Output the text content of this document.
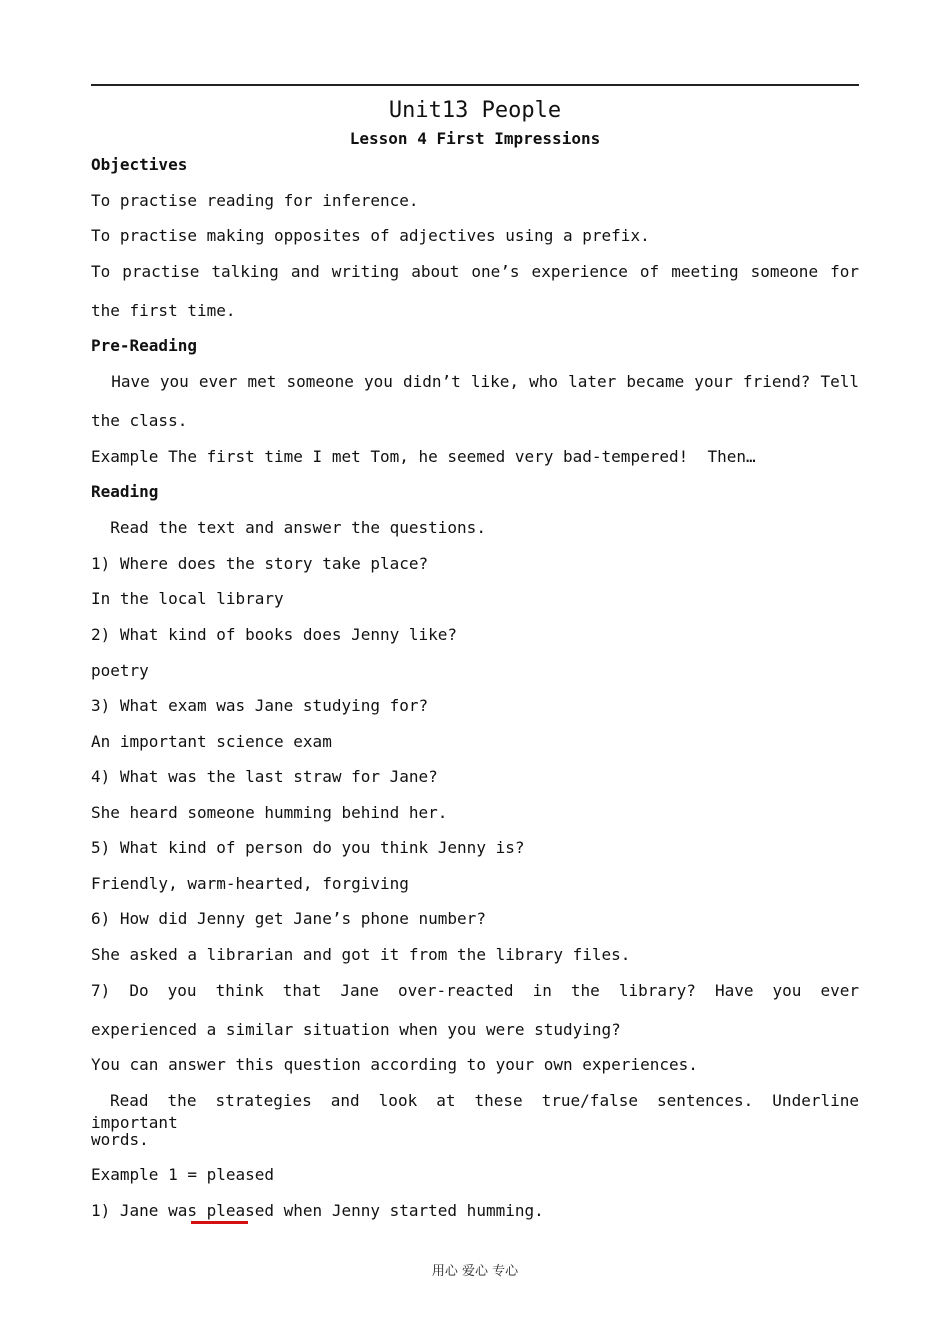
Unit13 People
Lesson 4 First Impressions
Objectives
To practise reading for inference.
To practise making opposites of adjectives using a prefix.
To practise talking and writing about one’s experience of meeting someone for
the first time.
Pre-Reading
Have you ever met someone you didn’t like, who later became your friend? Tell
the class.
Example The first time I met Tom, he seemed very bad-tempered!  Then…
Reading
Read the text and answer the questions.
1) Where does the story take place?
In the local library
2) What kind of books does Jenny like?
poetry
3) What exam was Jane studying for?
An important science exam
4) What was the last straw for Jane?
She heard someone humming behind her.
5) What kind of person do you think Jenny is?
Friendly, warm-hearted, forgiving
6) How did Jenny get Jane’s phone number?
She asked a librarian and got it from the library files.
7) Do you think that Jane over-reacted in the library? Have you ever
experienced a similar situation when you were studying?
You can answer this question according to your own experiences.
Read the strategies and look at these true/false sentences. Underline important
words.
Example 1 = pleased
1) Jane was pleased when Jenny started humming.
用心 爱心 专心
